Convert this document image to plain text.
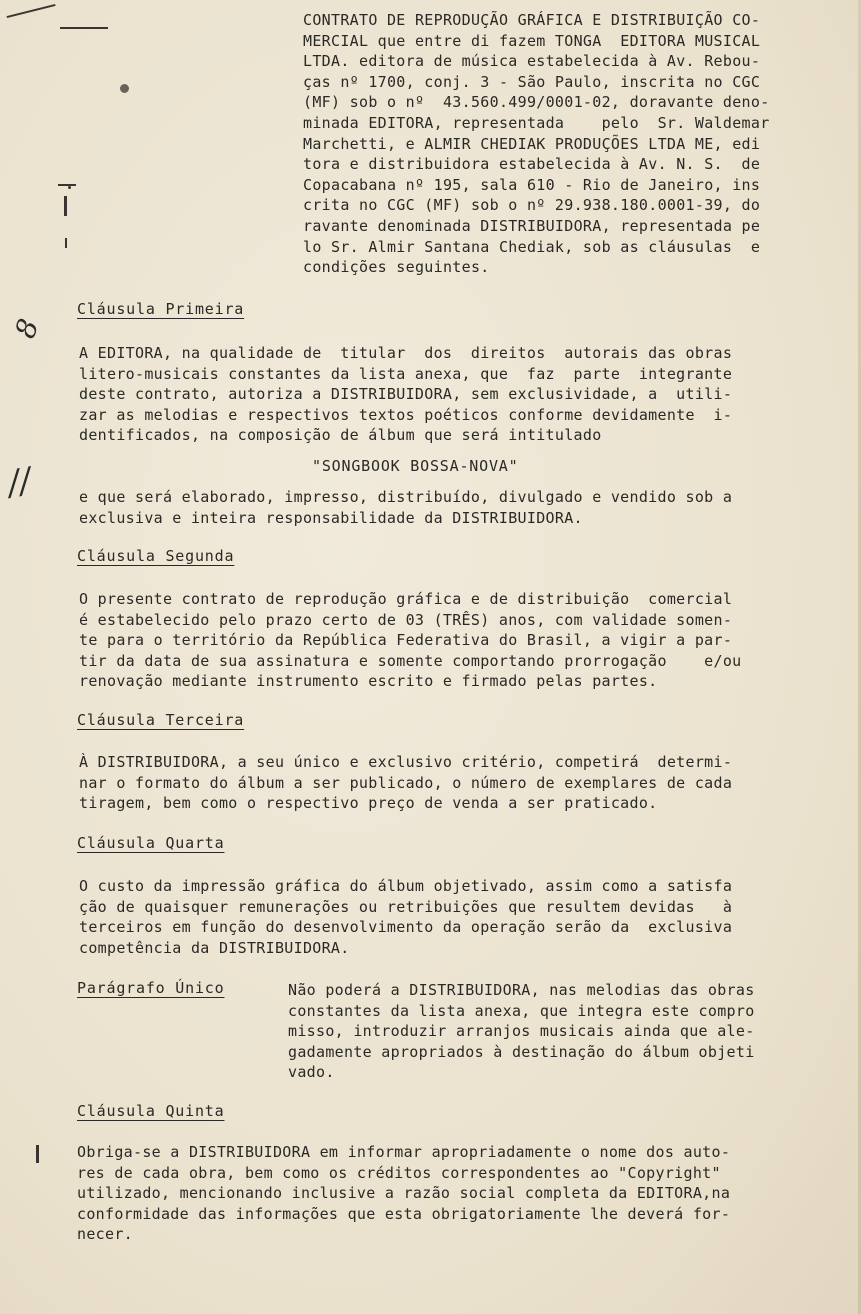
8
//
CONTRATO DE REPRODUÇÃO GRÁFICA E DISTRIBUIÇÃO CO-
MERCIAL que entre di fazem TONGA  EDITORA MUSICAL
LTDA. editora de música estabelecida à Av. Rebou-
ças nº 1700, conj. 3 - São Paulo, inscrita no CGC
(MF) sob o nº  43.560.499/0001-02, doravante deno-
minada EDITORA, representada    pelo  Sr. Waldemar
Marchetti, e ALMIR CHEDIAK PRODUÇÕES LTDA ME, edi
tora e distribuidora estabelecida à Av. N. S.  de
Copacabana nº 195, sala 610 - Rio de Janeiro, ins
crita no CGC (MF) sob o nº 29.938.180.0001-39, do
ravante denominada DISTRIBUIDORA, representada pe
lo Sr. Almir Santana Chediak, sob as cláusulas  e
condições seguintes.
Cláusula Primeira
A EDITORA, na qualidade de  titular  dos  direitos  autorais das obras
litero-musicais constantes da lista anexa, que  faz  parte  integrante
deste contrato, autoriza a DISTRIBUIDORA, sem exclusividade, a  utili-
zar as melodias e respectivos textos poéticos conforme devidamente  i-
dentificados, na composição de álbum que será intitulado
"SONGBOOK BOSSA-NOVA"
e que será elaborado, impresso, distribuído, divulgado e vendido sob a
exclusiva e inteira responsabilidade da DISTRIBUIDORA.
Cláusula Segunda
O presente contrato de reprodução gráfica e de distribuição  comercial
é estabelecido pelo prazo certo de 03 (TRÊS) anos, com validade somen-
te para o território da República Federativa do Brasil, a vigir a par-
tir da data de sua assinatura e somente comportando prorrogação    e/ou
renovação mediante instrumento escrito e firmado pelas partes.
Cláusula Terceira
À DISTRIBUIDORA, a seu único e exclusivo critério, competirá  determi-
nar o formato do álbum a ser publicado, o número de exemplares de cada
tiragem, bem como o respectivo preço de venda a ser praticado.
Cláusula Quarta
O custo da impressão gráfica do álbum objetivado, assim como a satisfa
ção de quaisquer remunerações ou retribuições que resultem devidas   à
terceiros em função do desenvolvimento da operação serão da  exclusiva
competência da DISTRIBUIDORA.
Parágrafo Único	Não poderá a DISTRIBUIDORA, nas melodias das obras
constantes da lista anexa, que integra este compro
misso, introduzir arranjos musicais ainda que ale-
gadamente apropriados à destinação do álbum objeti
vado.
Cláusula Quinta
Obriga-se a DISTRIBUIDORA em informar apropriadamente o nome dos auto-
res de cada obra, bem como os créditos correspondentes ao "Copyright"
utilizado, mencionando inclusive a razão social completa da EDITORA,na
conformidade das informações que esta obrigatoriamente lhe deverá for-
necer.
